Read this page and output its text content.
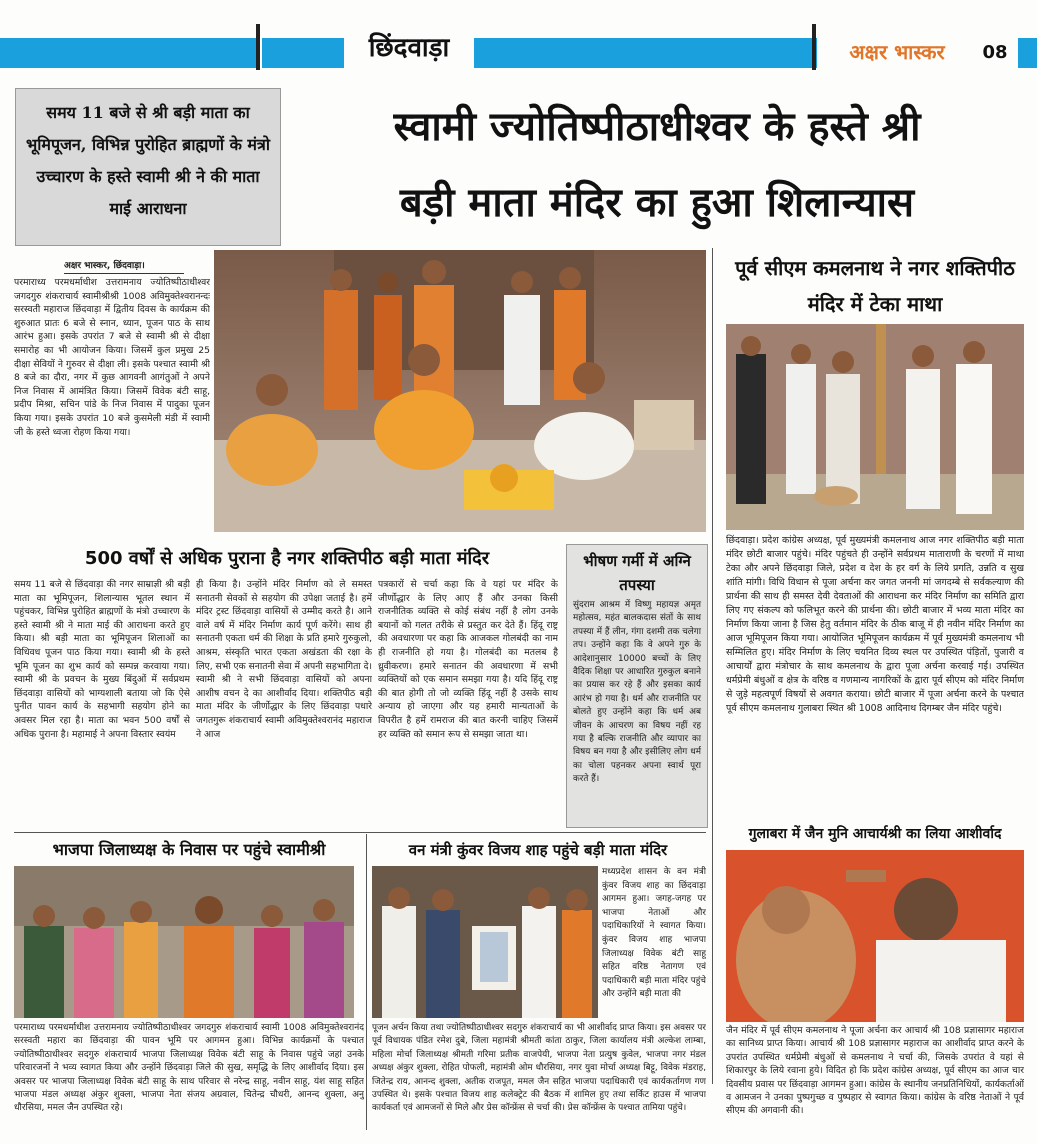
छिंदवाड़ा	अक्षर भास्कर	08
समय 11 बजे से श्री बड़ी माता का भूमिपूजन, विभिन्न पुरोहित ब्राह्मणों के मंत्रो उच्चारण के हस्ते स्वामी श्री ने की माता माई आराधना
स्वामी ज्योतिष्पीठाधीश्वर के हस्ते श्री
बड़ी माता मंदिर का हुआ शिलान्यास
अक्षर भास्कर, छिंदवाड़ा।
परमाराध्य परमधर्माधीश उत्तरामनाय ज्योतिष्पीठाधीश्वर जगदगुरु शंकराचार्य स्वामीश्रीश्री 1008 अविमुक्तेश्वरानन्दः सरस्वती महाराज छिंदवाड़ा में द्वितीय दिवस के कार्यक्रम की शुरुआत प्रातः 6 बजे से स्नान, ध्यान, पूजन पाठ के साथ आरंभ हुआ। इसके उपरांत 7 बजे से स्वामी श्री से दीक्षा समारोह का भी आयोजन किया। जिसमें कुल प्रमुख 25 दीक्षा सेवियों ने गुरुवर से दीक्षा ली। इसके पश्चात स्वामी श्री 8 बजे का दौरा, नगर में कुछ आगवनी आगंतुओं ने अपने निज निवास में आमंत्रित किया। जिसमें विवेक बंटी साहू, प्रदीप मिश्रा, सचिन पांडे के निज निवास में पादुका पूजन किया गया। इसके उपरांत 10 बजे कुसमेली मंडी में स्वामी जी के हस्ते ध्वजा रोहण किया गया।
पूर्व सीएम कमलनाथ ने नगर शक्तिपीठ मंदिर में टेका माथा
छिंदवाड़ा। प्रदेश कांग्रेस अध्यक्ष, पूर्व मुख्यमंत्री कमलनाथ आज नगर शक्तिपीठ बड़ी माता मंदिर छोटी बाजार पहुंचे। मंदिर पहुंचते ही उन्होंने सर्वप्रथम माताराणी के चरणों में माथा टेका और अपने छिंदवाड़ा जिले, प्रदेश व देश के हर वर्ग के लिये प्रगति, उन्नति व सुख शांति मांगी। विधि विधान से पूजा अर्चना कर जगत जननी मां जगदम्बे से सर्वकल्याण की प्रार्थना की साथ ही समस्त देवी देवताओं की आराधना कर मंदिर निर्माण का समिति द्वारा लिए गए संकल्प को फलिभूत करने की प्रार्थना की। छोटी बाजार में भव्य माता मंदिर का निर्माण किया जाना है जिस हेतु वर्तमान मंदिर के ठीक बाजू में ही नवीन मंदिर निर्माण का आज भूमिपूजन किया गया। आयोजित भूमिपूजन कार्यक्रम में पूर्व मुख्यमंत्री कमलनाथ भी सम्मिलित हुए। मंदिर निर्माण के लिए चयनित दिव्य स्थल पर उपस्थित पंड़ितों, पुजारी व आचार्यों द्वारा मंत्रोचार के साथ कमलनाथ के द्वारा पूजा अर्चना करवाई गई। उपस्थित धर्मप्रेमी बंधुओं व क्षेत्र के वरिष्ठ व गणमान्य नागरिकों के द्वारा पूर्व सीएम को मंदिर निर्माण से जुड़े महत्वपूर्ण विषयों से अवगत कराया। छोटी बाजार में पूजा अर्चना करने के पश्चात पूर्व सीएम कमलनाथ गुलाबरा स्थित श्री 1008 आदिनाथ दिगम्बर जैन मंदिर पहुंचे।
गुलाबरा में जैन मुनि आचार्यश्री का लिया आशीर्वाद
जैन मंदिर में पूर्व सीएम कमलनाथ ने पूजा अर्चना कर आचार्य श्री 108 प्रज्ञासागर महाराज का सानिध्य प्राप्त किया। आचार्य श्री 108 प्रज्ञासागर महाराज का आशीर्वाद प्राप्त करने के उपरांत उपस्थित धर्मप्रेमी बंधुओं से कमलनाथ ने चर्चा की, जिसके उपरांत वे यहां से शिकारपुर के लिये रवाना हुये। विदित हो कि प्रदेश कांग्रेस अध्यक्ष, पूर्व सीएम का आज चार दिवसीय प्रवास पर छिंदवाड़ा आगमन हुआ। कांग्रेस के स्थानीय जनप्रतिनिधियों, कार्यकर्ताओं व आमजन ने उनका पुष्पगुच्छ व पुष्पहार से स्वागत किया। कांग्रेस के वरिष्ठ नेताओं ने पूर्व सीएम की अगवानी की।
500 वर्षों से अधिक पुराना है नगर शक्तिपीठ बड़ी माता मंदिर
समय 11 बजे से छिंदवाड़ा की नगर साम्राज्ञी श्री बड़ी माता का भूमिपूजन, शिलान्यास भूतल स्थान में पहुंचकर, विभिन्न पुरोहित ब्राह्मणों के मंत्रो उच्चारण के हस्ते स्वामी श्री ने माता माई की आराधना करते हुए किया। श्री बड़ी माता का भूमिपूजन शिलाओं का विधिवध पूजन पाठ किया गया। स्वामी श्री के हस्ते भूमि पूजन का शुभ कार्य को सम्पन्न करवाया गया। स्वामी श्री के प्रवचन के मुख्य बिंदुओं में सर्वप्रथम छिंदवाड़ा वासियों को भाग्यशाली बताया जो कि ऐसे पुनीत पावन कार्य के सहभागी सहयोग होने का अवसर मिल रहा है। माता का भवन 500 वर्षों से अधिक पुराना है। महामाई ने अपना विस्तार स्वयंम
ही किया है। उन्होंने मंदिर निर्माण को ले समस्त सनातनी सेवकों से सहयोग की उपेक्षा जताई है। हमें मंदिर ट्रस्ट छिंदवाड़ा वासियों से उम्मीद करते है। आने वाले वर्ष में मंदिर निर्माण कार्य पूर्ण करेंगे। साथ ही सनातनी एकता धर्म की शिक्षा के प्रति हमारे गुरुकुलो, आश्रम, संस्कृति भारत एकता अखंडता की रक्षा के लिए, सभी एक सनातनी सेवा में अपनी सहभागिता दे। स्वामी श्री ने सभी छिंदवाड़ा वासियों को अपना आशीष वचन दे का आशीर्वाद दिया। शक्तिपीठ बड़ी माता मंदिर के जीर्णोद्धार के लिए छिंदवाड़ा पधारे जगतगुरू शंकराचार्य स्वामी अविमुक्तेश्वरानंद महाराज ने आज
पत्रकारों से चर्चा कहा कि वे यहां पर मंदिर के जीर्णोद्धार के लिए आए हैं और उनका किसी राजनीतिक व्यक्ति से कोई संबंध नहीं है लोग उनके बयानों को गलत तरीके से प्रस्तुत कर देते हैं। हिंदू राष्ट्र की अवधारणा पर कहा कि आजकल गोलबंदी का नाम ही राजनीति हो गया है। गोलबंदी का मतलब है ध्रुवीकरण। हमारे सनातन की अवधारणा में सभी व्यक्तियों को एक समान समझा गया है। यदि हिंदू राष्ट्र की बात होगी तो जो व्यक्ति हिंदू नहीं है उसके साथ अन्याय हो जाएगा और यह हमारी मान्यताओं के विपरीत है हमें रामराज की बात करनी चाहिए जिसमें हर व्यक्ति को समान रूप से समझा जाता था।
भीषण गर्मी में अग्नि तपस्या
सुंदराम आश्रम में विष्णु महायज्ञ अमृत महोत्सव, महंत बालकदास संतों के साथ तपस्या में हैं लीन, गंगा दशमी तक चलेगा तप। उन्होंने कहा कि वे अपने गुरु के आदेशानुसार 10000 बच्चों के लिए वैदिक शिक्षा पर आधारित गुरुकुल बनाने का प्रयास कर रहे हैं और इसका कार्य आरंभ हो गया है। धर्म और राजनीति पर बोलते हुए उन्होंने कहा कि धर्म अब जीवन के आचरण का विषय नहीं रह गया है बल्कि राजनीति और व्यापार का विषय बन गया है और इसीलिए लोग धर्म का चोला पहनकर अपना स्वार्थ पूरा करते हैं।
भाजपा जिलाध्यक्ष के निवास पर पहुंचे स्वामीश्री
परमाराध्य परमधर्माधीश उत्तरामनाय ज्योतिष्पीठाधीश्वर जगदगुरु शंकराचार्य स्वामी 1008 अविमुक्तेश्वरानंद सरस्वती महारा का छिंदवाड़ा की पावन भूमि पर आगमन हुआ। विभिन्न कार्यक्रमों के पश्चात ज्योतिष्पीठाधीश्वर सदगुरु शंकराचार्य भाजपा जिलाध्यक्ष विवेक बंटी साहू के निवास पहुंचे जहां उनके परिवारजनों ने भव्य स्वागत किया और उन्होंने छिंदवाड़ा जिले की सुख, समृद्धि के लिए आशीर्वाद दिया। इस अवसर पर भाजपा जिलाध्यक्ष विवेक बंटी साहू के साथ परिवार से नरेन्द्र साहू, नवीन साहू, यंश साहू सहित भाजपा मंडल अध्यक्ष अंकुर शुक्ला, भाजपा नेता संजय अग्रवाल, चितेन्द्र चौधरी, आनन्द शुक्ला, अनु धौरसिया, ममल जैन उपस्थित रहे।
वन मंत्री कुंवर विजय शाह पहुंचे बड़ी माता मंदिर
मध्यप्रदेश शासन के वन मंत्री कुंवर विजय शाह का छिंदवाड़ा आगमन हुआ। जगह-जगह पर भाजपा नेताओं और पदाधिकारियों ने स्वागत किया। कुंवर विजय शाह भाजपा जिलाध्यक्ष विवेक बंटी साहू सहित वरिष्ठ नेतागण एवं पदाधिकारी बड़ी माता मंदिर पहुंचे और उन्होंने बड़ी माता की
पूजन अर्चन किया तथा ज्योतिष्पीठाधीश्वर सदगुरु शंकराचार्य का भी आशीर्वाद प्राप्त किया। इस अवसर पर पूर्व विधायक पंडित रमेश दुबे, जिला महामंत्री श्रीमती कांता ठाकुर, जिला कार्यालय मंत्री अल्केश लाम्बा, महिला मोर्चा जिलाध्यक्ष श्रीमती गरिमा प्रतीक वाजपेयी, भाजपा नेता प्रत्युष कुवेल, भाजपा नगर मंडल अध्यक्ष अंकुर शुक्ला, रोहित पोफली, महामंत्री ओम धौरसिया, नगर युवा मोर्चा अध्यक्ष बिट्टू, विवेक मंडराह, जितेन्द्र राय, आनन्द शुक्ला, अतीक राजपूत, ममल जैन सहित भाजपा पदाधिकारी एवं कार्यकर्तागण गण उपस्थित थे। इसके पश्चात विजय शाह कलेक्ट्रेट की बैठक में शामिल हुए तथा सर्किट हाउस में भाजपा कार्यकर्ता एवं आमजनों से मिले और प्रेस कॉन्फ्रेंस से चर्चा की। प्रेस कॉन्फ्रेंस के पश्चात तामिया पहुंचे।
